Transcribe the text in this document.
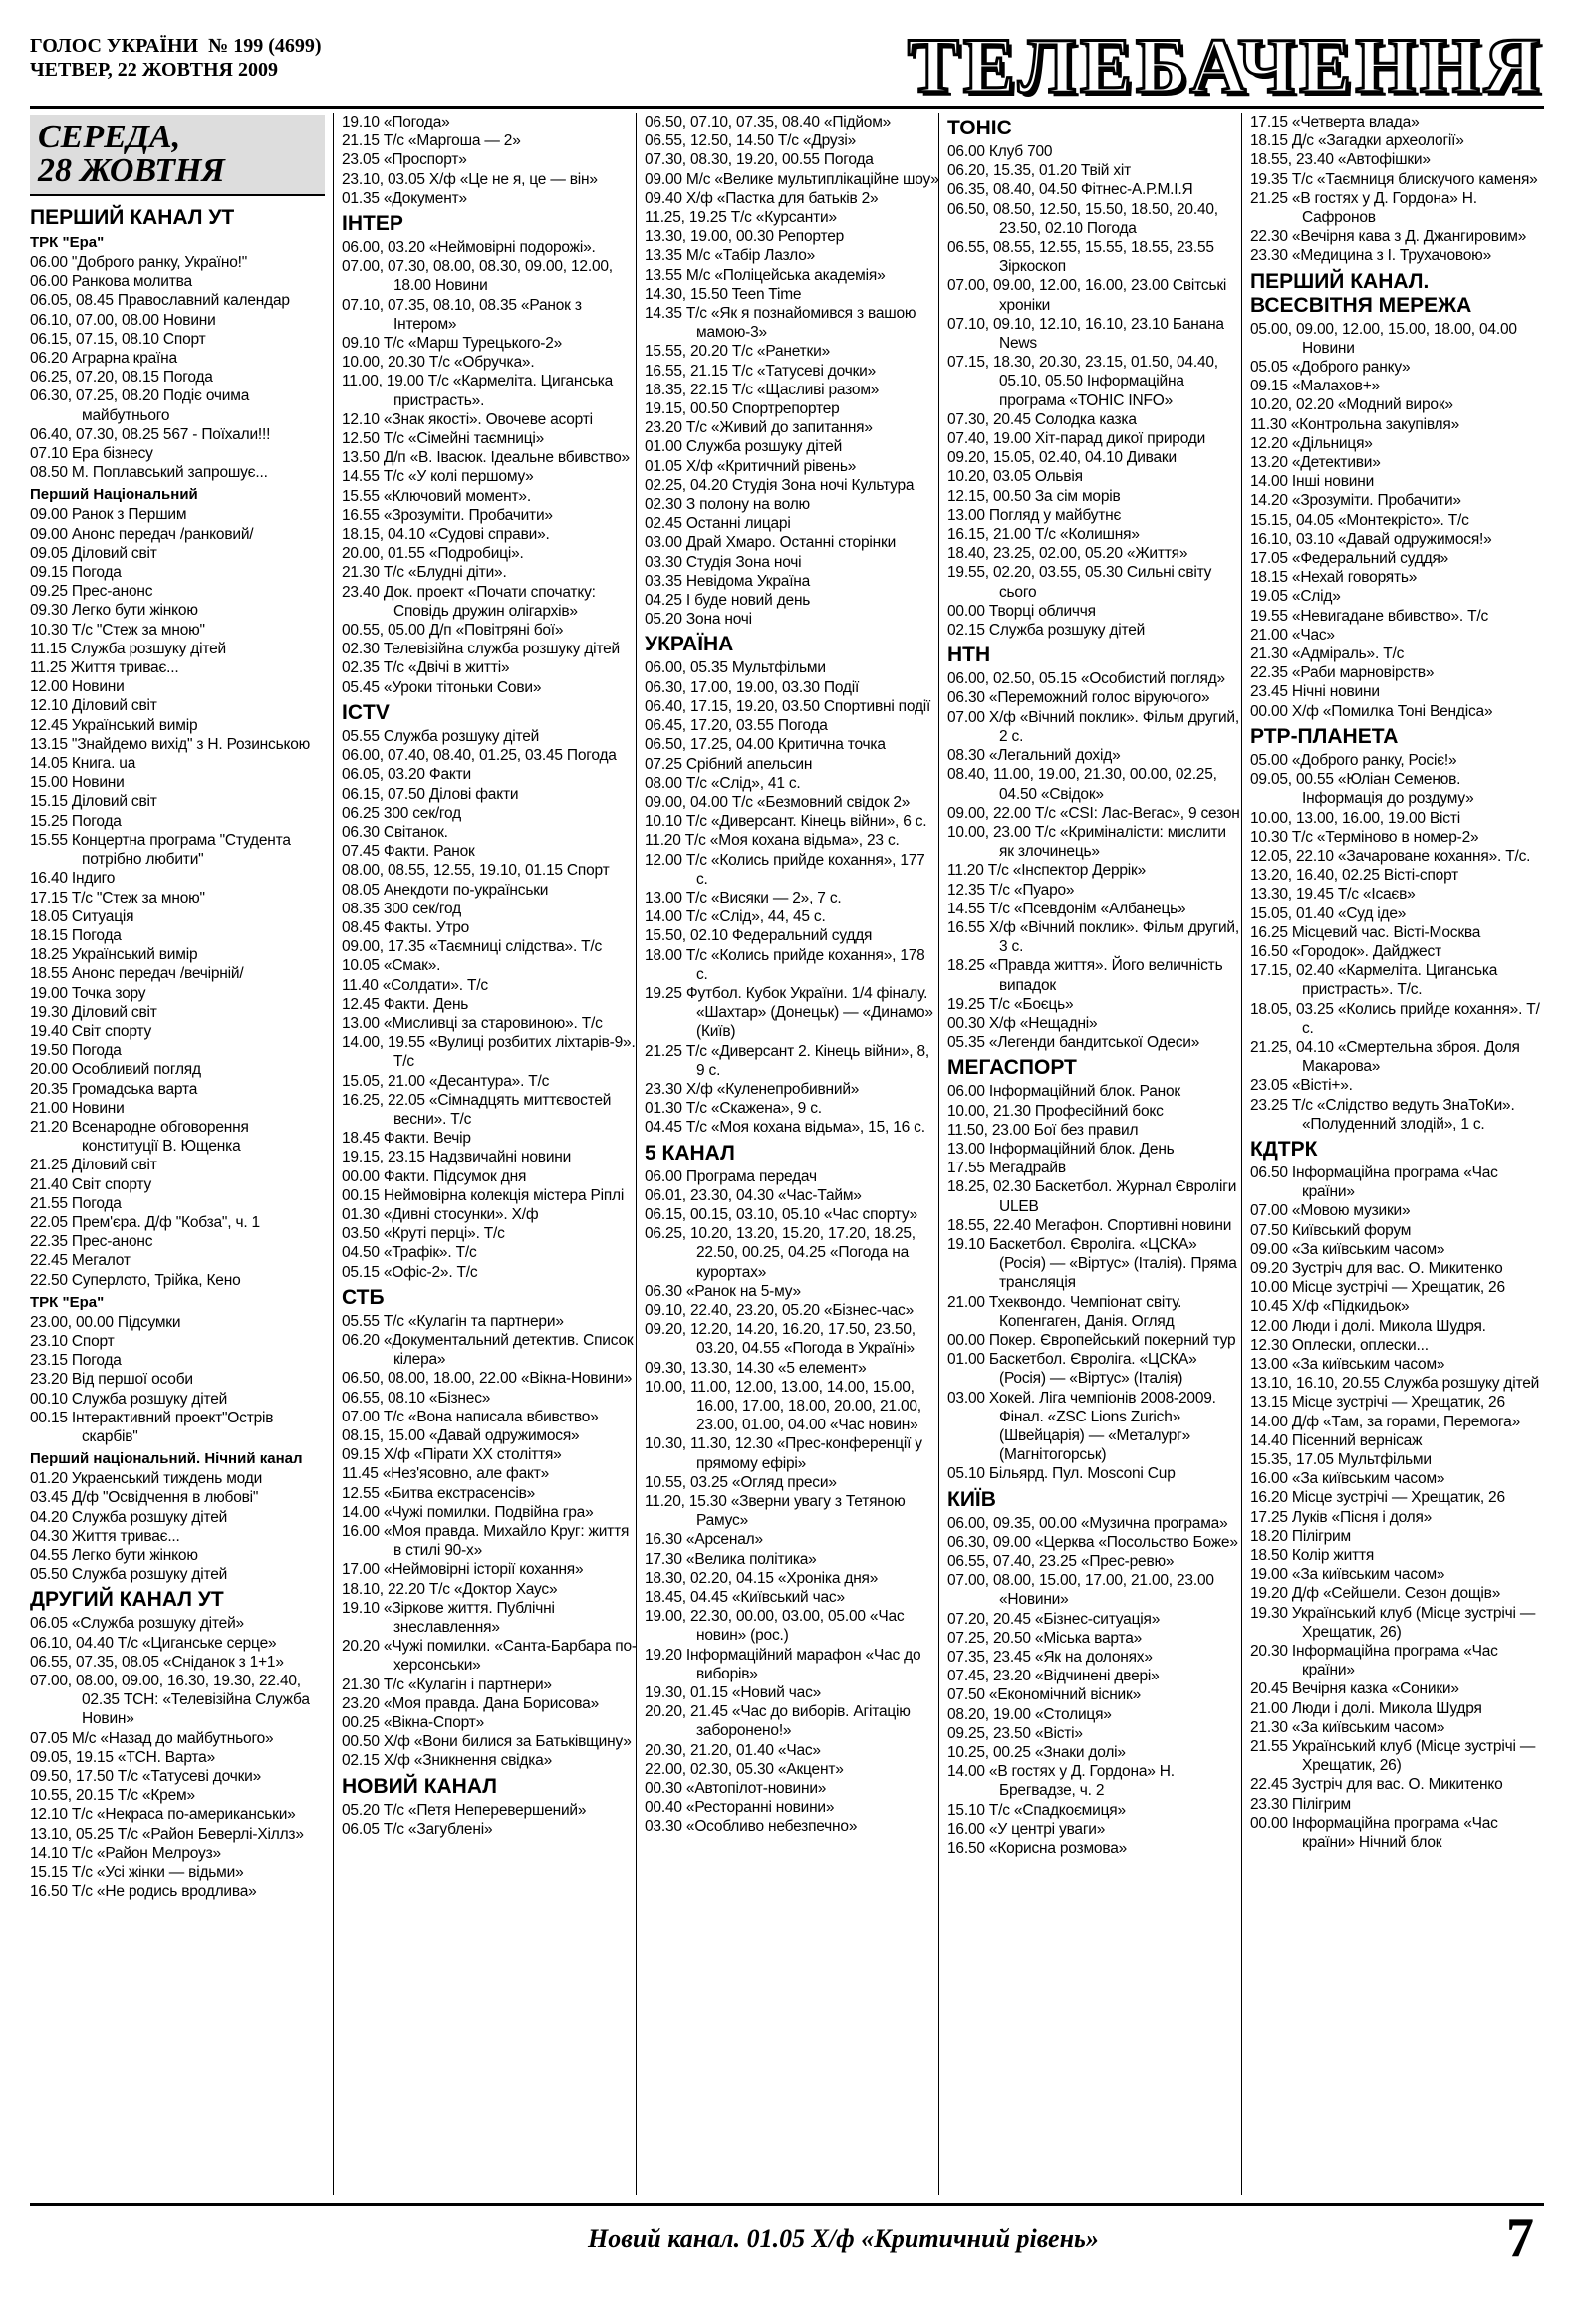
ГОЛОС УКРАЇНИ № 199 (4699)
ЧЕТВЕР, 22 ЖОВТНЯ 2009	ТЕЛЕБАЧЕННЯ
СЕРЕДА,
28 ЖОВТНЯ
ПЕРШИЙ КАНАЛ УТ
ТРК "Ера"
06.00 "Доброго ранку, Україно!"
06.00 Ранкова молитва
06.05, 08.45 Православний календар
06.10, 07.00, 08.00 Новини
06.15, 07.15, 08.10 Спорт
06.20 Аграрна країна
06.25, 07.20, 08.15 Погода
06.30, 07.25, 08.20 Подіє очима майбутнього
06.40, 07.30, 08.25 567 - Поїхали!!!
07.10 Ера бізнесу
08.50 М. Поплавський запрошує...
Перший Національний
09.00 Ранок з Першим
09.00 Анонс передач /ранковий/
09.05 Діловий світ
09.15 Погода
09.25 Прес-анонс
09.30 Легко бути жінкою
10.30 Т/с "Стеж за мною"
11.15 Служба розшуку дітей
11.25 Життя триває...
12.00 Новини
12.10 Діловий світ
12.45 Український вимір
13.15 "Знайдемо вихід" з Н. Розинською
14.05 Книга. ua
15.00 Новини
15.15 Діловий світ
15.25 Погода
15.55 Концертна програма "Студента потрібно любити"
16.40 Індиго
17.15 Т/с "Стеж за мною"
18.05 Ситуація
18.15 Погода
18.25 Український вимір
18.55 Анонс передач /вечірній/
19.00 Точка зору
19.30 Діловий світ
19.40 Світ спорту
19.50 Погода
20.00 Особливий погляд
20.35 Громадська варта
21.00 Новини
21.20 Всенародне обговорення конституції В. Ющенка
21.25 Діловий світ
21.40 Світ спорту
21.55 Погода
22.05 Прем'єра. Д/ф "Кобза", ч. 1
22.35 Прес-анонс
22.45 Мегалот
22.50 Суперлото, Трійка, Кено
ТРК "Ера"
23.00, 00.00 Підсумки
23.10 Спорт
23.15 Погода
23.20 Від першої особи
00.10 Служба розшуку дітей
00.15 Інтерактивний проект"Острів скарбів"
Перший національний. Нічний канал
01.20 Украенський тиждень моди
03.45 Д/ф "Освідчення в любові"
04.20 Служба розшуку дітей
04.30 Життя триває...
04.55 Легко бути жінкою
05.50 Служба розшуку дітей
ДРУГИЙ КАНАЛ УТ
06.05 «Служба розшуку дітей»
06.10, 04.40 Т/с «Циганське серце»
06.55, 07.35, 08.05 «Сніданок з 1+1»
07.00, 08.00, 09.00, 16.30, 19.30, 22.40, 02.35 ТСН: «Телевізійна Служба Новин»
07.05 М/с «Назад до майбутнього»
09.05, 19.15 «ТСН. Варта»
09.50, 17.50 Т/с «Татусеві дочки»
10.55, 20.15 Т/с «Крем»
12.10 Т/с «Некраса по-американськи»
13.10, 05.25 Т/с «Район Беверлі-Хіллз»
14.10 Т/с «Район Мелроуз»
15.15 Т/с «Усі жінки — відьми»
16.50 Т/с «Не родись вродлива»
19.10 «Погода»
21.15 Т/с «Маргоша — 2»
23.05 «Проспорт»
23.10, 03.05 Х/ф «Це не я, це — він»
01.35 «Документ»
ІНТЕР
06.00, 03.20 «Неймовірні подорожі».
07.00, 07.30, 08.00, 08.30, 09.00, 12.00, 18.00 Новини
07.10, 07.35, 08.10, 08.35 «Ранок з Інтером»
09.10 Т/с «Марш Турецького-2»
10.00, 20.30 Т/с «Обручка».
11.00, 19.00 Т/с «Кармеліта. Циганська пристрасть».
12.10 «Знак якості». Овочеве асорті
12.50 Т/с «Сімейні таємниці»
13.50 Д/п «В. Івасюк. Ідеальне вбивство»
14.55 Т/с «У колі першому»
15.55 «Ключовий момент».
16.55 «Зрозуміти. Пробачити»
18.15, 04.10 «Судові справи».
20.00, 01.55 «Подробиці».
21.30 Т/с «Блудні діти».
23.40 Док. проект «Почати спочатку: Сповідь дружин олігархів»
00.55, 05.00 Д/п «Повітряні бої»
02.30 Телевізійна служба розшуку дітей
02.35 Т/с «Двічі в житті»
05.45 «Уроки тітоньки Сови»
ICTV
05.55 Служба розшуку дітей
06.00, 07.40, 08.40, 01.25, 03.45 Погода
06.05, 03.20 Факти
06.15, 07.50 Ділові факти
06.25 300 сек/год
06.30 Світанок.
07.45 Факти. Ранок
08.00, 08.55, 12.55, 19.10, 01.15 Спорт
08.05 Анекдоти по-українськи
08.35 300 сек/год
08.45 Факты. Утро
09.00, 17.35 «Таємниці слідства». Т/с
10.05 «Смак».
11.40 «Солдати». Т/с
12.45 Факти. День
13.00 «Мисливці за старовиною». Т/с
14.00, 19.55 «Вулиці розбитих ліхтарів-9». Т/с
15.05, 21.00 «Десантура». Т/с
16.25, 22.05 «Сімнадцять миттєвостей весни». Т/с
18.45 Факти. Вечір
19.15, 23.15 Надзвичайні новини
00.00 Факти. Підсумок дня
00.15 Неймовірна колекція містера Ріплі
01.30 «Дивні стосунки». Х/ф
03.50 «Круті перці». Т/с
04.50 «Трафік». Т/с
05.15 «Офіс-2». Т/с
СТБ
05.55 Т/с «Кулагін та партнери»
06.20 «Документальний детектив. Список кілера»
06.50, 08.00, 18.00, 22.00 «Вікна-Новини»
06.55, 08.10 «Бізнес»
07.00 Т/с «Вона написала вбивство»
08.15, 15.00 «Давай одружимося»
09.15 Х/ф «Пірати ХХ століття»
11.45 «Нез'ясовно, але факт»
12.55 «Битва екстрасенсів»
14.00 «Чужі помилки. Подвійна гра»
16.00 «Моя правда. Михайло Круг: життя в стилі 90-х»
17.00 «Неймовірні історії кохання»
18.10, 22.20 Т/с «Доктор Хаус»
19.10 «Зіркове життя. Публічні знеславлення»
20.20 «Чужі помилки. «Санта-Барбара по-херсонськи»
21.30 Т/с «Кулагін і партнери»
23.20 «Моя правда. Дана Борисова»
00.25 «Вікна-Спорт»
00.50 Х/ф «Вони билися за Батьківщину»
02.15 Х/ф «Зникнення свідка»
НОВИЙ КАНАЛ
05.20 Т/с «Петя Неперевершений»
06.05 Т/с «Загублені»
06.50, 07.10, 07.35, 08.40 «Підйом»
06.55, 12.50, 14.50 Т/с «Друзі»
07.30, 08.30, 19.20, 00.55 Погода
09.00 М/с «Велике мультиплікаційне шоу»
09.40 Х/ф «Пастка для батьків 2»
11.25, 19.25 Т/с «Курсанти»
13.30, 19.00, 00.30 Репортер
13.35 М/с «Табір Лазло»
13.55 М/с «Поліцейська академія»
14.30, 15.50 Teen Time
14.35 Т/с «Як я познайомився з вашою мамою-3»
15.55, 20.20 Т/с «Ранетки»
16.55, 21.15 Т/с «Татусеві дочки»
18.35, 22.15 Т/с «Щасливі разом»
19.15, 00.50 Спортрепортер
23.20 Т/с «Живий до запитання»
01.00 Служба розшуку дітей
01.05 Х/ф «Критичний рівень»
02.25, 04.20 Студія Зона ночі Культура
02.30 З полону на волю
02.45 Останні лицарі
03.00 Драй Хмаро. Останні сторінки
03.30 Студія Зона ночі
03.35 Невідома Україна
04.25 І буде новий день
05.20 Зона ночі
УКРАЇНА
06.00, 05.35 Мультфільми
06.30, 17.00, 19.00, 03.30 Події
06.40, 17.15, 19.20, 03.50 Спортивні події
06.45, 17.20, 03.55 Погода
06.50, 17.25, 04.00 Критична точка
07.25 Срібний апельсин
08.00 Т/с «Слід», 41 с.
09.00, 04.00 Т/с «Безмовний свідок 2»
10.10 Т/с «Диверсант. Кінець війни», 6 с.
11.20 Т/с «Моя кохана відьма», 23 с.
12.00 Т/с «Колись прийде кохання», 177 с.
13.00 Т/с «Висяки — 2», 7 с.
14.00 Т/с «Слід», 44, 45 с.
15.50, 02.10 Федеральний суддя
18.00 Т/с «Колись прийде кохання», 178 с.
19.25 Футбол. Кубок України. 1/4 фіналу. «Шахтар» (Донецьк) — «Динамо» (Київ)
21.25 Т/с «Диверсант 2. Кінець війни», 8, 9 с.
23.30 Х/ф «Куленепробивний»
01.30 Т/с «Скажена», 9 с.
04.45 Т/с «Моя кохана відьма», 15, 16 с.
5 КАНАЛ
06.00 Програма передач
06.01, 23.30, 04.30 «Час-Тайм»
06.15, 00.15, 03.10, 05.10 «Час спорту»
06.25, 10.20, 13.20, 15.20, 17.20, 18.25, 22.50, 00.25, 04.25 «Погода на курортах»
06.30 «Ранок на 5-му»
09.10, 22.40, 23.20, 05.20 «Бізнес-час»
09.20, 12.20, 14.20, 16.20, 17.50, 23.50, 03.20, 04.55 «Погода в Україні»
09.30, 13.30, 14.30 «5 елемент»
10.00, 11.00, 12.00, 13.00, 14.00, 15.00, 16.00, 17.00, 18.00, 20.00, 21.00, 23.00, 01.00, 04.00 «Час новин»
10.30, 11.30, 12.30 «Прес-конференції у прямому ефірі»
10.55, 03.25 «Огляд преси»
11.20, 15.30 «Зверни увагу з Тетяною Рамус»
16.30 «Арсенал»
17.30 «Велика політика»
18.30, 02.20, 04.15 «Хроніка дня»
18.45, 04.45 «Київський час»
19.00, 22.30, 00.00, 03.00, 05.00 «Час новин» (рос.)
19.20 Інформаційний марафон «Час до виборів»
19.30, 01.15 «Новий час»
20.20, 21.45 «Час до виборів. Агітацію заборонено!»
20.30, 21.20, 01.40 «Час»
22.00, 02.30, 05.30 «Акцент»
00.30 «Автопілот-новини»
00.40 «Ресторанні новини»
03.30 «Особливо небезпечно»
ТОНІС
06.00 Клуб 700
06.20, 15.35, 01.20 Твій хіт
06.35, 08.40, 04.50 Фітнес-А.Р.М.І.Я
06.50, 08.50, 12.50, 15.50, 18.50, 20.40, 23.50, 02.10 Погода
06.55, 08.55, 12.55, 15.55, 18.55, 23.55 Зіркоскоп
07.00, 09.00, 12.00, 16.00, 23.00 Світські хроніки
07.10, 09.10, 12.10, 16.10, 23.10 Банана News
07.15, 18.30, 20.30, 23.15, 01.50, 04.40, 05.10, 05.50 Інформаційна програма «ТОНІС INFO»
07.30, 20.45 Солодка казка
07.40, 19.00 Хіт-парад дикої природи
09.20, 15.05, 02.40, 04.10 Диваки
10.20, 03.05 Ольвія
12.15, 00.50 За сім морів
13.00 Погляд у майбутнє
16.15, 21.00 Т/с «Колишня»
18.40, 23.25, 02.00, 05.20 «Життя»
19.55, 02.20, 03.55, 05.30 Сильні світу сього
00.00 Творці обличчя
02.15 Служба розшуку дітей
НТН
06.00, 02.50, 05.15 «Особистий погляд»
06.30 «Переможний голос віруючого»
07.00 Х/ф «Вічний поклик». Фільм другий, 2 с.
08.30 «Легальний дохід»
08.40, 11.00, 19.00, 21.30, 00.00, 02.25, 04.50 «Свідок»
09.00, 22.00 Т/с «CSI: Лас-Вегас», 9 сезон
10.00, 23.00 Т/с «Криміналісти: мислити як злочинець»
11.20 Т/с «Інспектор Деррік»
12.35 Т/с «Пуаро»
14.55 Т/с «Псевдонім «Албанець»
16.55 Х/ф «Вічний поклик». Фільм другий, 3 с.
18.25 «Правда життя». Його величність випадок
19.25 Т/с «Боєць»
00.30 Х/ф «Нещадні»
05.35 «Легенди бандитської Одеси»
МЕГАСПОРТ
06.00 Інформаційний блок. Ранок
10.00, 21.30 Професійний бокс
11.50, 23.00 Бої без правил
13.00 Інформаційний блок. День
17.55 Мегадрайв
18.25, 02.30 Баскетбол. Журнал Євроліги ULEB
18.55, 22.40 Мегафон. Спортивні новини
19.10 Баскетбол. Євроліга. «ЦСКА» (Росія) — «Віртус» (Італія). Пряма трансляція
21.00 Тхеквондо. Чемпіонат світу. Копенгаген, Данія. Огляд
00.00 Покер. Європейський покерний тур
01.00 Баскетбол. Євроліга. «ЦСКА» (Росія) — «Віртус» (Італія)
03.00 Хокей. Ліга чемпіонів 2008-2009. Фінал. «ZSC Lions Zurich» (Швейцарія) — «Металург» (Магнітогорськ)
05.10 Більярд. Пул. Mosconi Cup
КИЇВ
06.00, 09.35, 00.00 «Музична програма»
06.30, 09.00 «Церква «Посольство Боже»
06.55, 07.40, 23.25 «Прес-ревю»
07.00, 08.00, 15.00, 17.00, 21.00, 23.00 «Новини»
07.20, 20.45 «Бізнес-ситуація»
07.25, 20.50 «Міська варта»
07.35, 23.45 «Як на долонях»
07.45, 23.20 «Відчинені двері»
07.50 «Економічний вісник»
08.20, 19.00 «Столиця»
09.25, 23.50 «Вісті»
10.25, 00.25 «Знаки долі»
14.00 «В гостях у Д. Гордона» Н. Брегвадзе, ч. 2
15.10 Т/с «Спадкоємиця»
16.00 «У центрі уваги»
16.50 «Корисна розмова»
17.15 «Четверта влада»
18.15 Д/с «Загадки археології»
18.55, 23.40 «Автофішки»
19.35 Т/с «Таємниця блискучого каменя»
21.25 «В гостях у Д. Гордона» Н. Сафронов
22.30 «Вечірня кава з Д. Джангировим»
23.30 «Медицина з І. Трухачовою»
ПЕРШИЙ КАНАЛ. ВСЕСВІТНЯ МЕРЕЖА
05.00, 09.00, 12.00, 15.00, 18.00, 04.00 Новини
05.05 «Доброго ранку»
09.15 «Малахов+»
10.20, 02.20 «Модний вирок»
11.30 «Контрольна закупівля»
12.20 «Дільниця»
13.20 «Детективи»
14.00 Інші новини
14.20 «Зрозуміти. Пробачити»
15.15, 04.05 «Монтекрісто». Т/с
16.10, 03.10 «Давай одружимося!»
17.05 «Федеральний суддя»
18.15 «Нехай говорять»
19.05 «Слід»
19.55 «Невигадане вбивство». Т/с
21.00 «Час»
21.30 «Адміраль». Т/с
22.35 «Раби марновірств»
23.45 Нічні новини
00.00 Х/ф «Помилка Тоні Вендіса»
РТР-ПЛАНЕТА
05.00 «Доброго ранку, Росіє!»
09.05, 00.55 «Юліан Семенов. Інформація до роздуму»
10.00, 13.00, 16.00, 19.00 Вісті
10.30 Т/с «Терміново в номер-2»
12.05, 22.10 «Зачароване кохання». Т/с.
13.20, 16.40, 02.25 Вісті-спорт
13.30, 19.45 Т/с «Ісаєв»
15.05, 01.40 «Суд іде»
16.25 Місцевий час. Вісті-Москва
16.50 «Городок». Дайджест
17.15, 02.40 «Кармеліта. Циганська пристрасть». Т/с.
18.05, 03.25 «Колись прийде кохання». Т/с.
21.25, 04.10 «Смертельна зброя. Доля Макарова»
23.05 «Вісті+».
23.25 Т/с «Слідство ведуть ЗнаТоКи». «Полуденний злодій», 1 с.
КДТРК
06.50 Інформаційна програма «Час країни»
07.00 «Мовою музики»
07.50 Київський форум
09.00 «За київським часом»
09.20 Зустріч для вас. О. Микитенко
10.00 Місце зустрічі — Хрещатик, 26
10.45 Х/ф «Підкидьок»
12.00 Люди і долі. Микола Шудря.
12.30 Оплески, оплески...
13.00 «За київським часом»
13.10, 16.10, 20.55 Служба розшуку дітей
13.15 Місце зустрічі — Хрещатик, 26
14.00 Д/ф «Там, за горами, Перемога»
14.40 Пісенний вернісаж
15.35, 17.05 Мультфільми
16.00 «За київським часом»
16.20 Місце зустрічі — Хрещатик, 26
17.25 Луків «Пісня і доля»
18.20 Пілігрим
18.50 Колір життя
19.00 «За київським часом»
19.20 Д/ф «Сейшели. Сезон дощів»
19.30 Український клуб (Місце зустрічі — Хрещатик, 26)
20.30 Інформаційна програма «Час країни»
20.45 Вечірня казка «Соники»
21.00 Люди і долі. Микола Шудря
21.30 «За київським часом»
21.55 Український клуб (Місце зустрічі — Хрещатик, 26)
22.45 Зустріч для вас. О. Микитенко
23.30 Пілігрим
00.00 Інформаційна програма «Час країни» Нічний блок
Новий канал. 01.05 Х/ф «Критичний рівень»	7
